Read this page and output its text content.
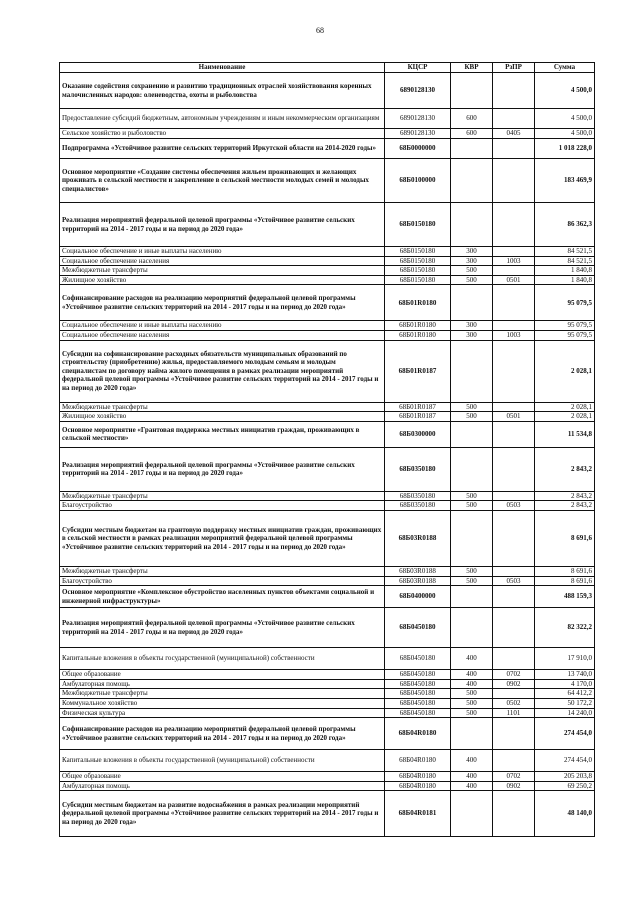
68
Наименование	КЦСР	КВР	РзПР	Сумма
Оказание содействия сохранению и развитию традиционных отраслей хозяйствования коренных малочисленных народов: оленеводства, охоты и рыболовства	6890128130			4 500,0
Предоставление субсидий бюджетным, автономным учреждениям и иным некоммерческим организациям	6890128130	600		4 500,0
Сельское хозяйство и рыболовство	6890128130	600	0405	4 500,0
Подпрограмма «Устойчивое развитие сельских территорий Иркутской области на 2014-2020 годы»	68Б0000000			1 018 228,0
Основное мероприятие «Создание системы обеспечения жильем проживающих и желающих проживать в сельской местности и закрепление в сельской местности молодых семей и молодых специалистов»	68Б0100000			183 469,9
Реализация мероприятий федеральной целевой программы «Устойчивое развитие сельских территорий на 2014 - 2017 годы и на период до 2020 года»	68Б0150180			86 362,3
Социальное обеспечение и иные выплаты населению	68Б0150180	300		84 521,5
Социальное обеспечение населения	68Б0150180	300	1003	84 521,5
Межбюджетные трансферты	68Б0150180	500		1 840,8
Жилищное хозяйство	68Б0150180	500	0501	1 840,8
Софинансирование расходов на реализацию мероприятий федеральной целевой программы «Устойчивое развитие сельских территорий на 2014 - 2017 годы и на период до 2020 года»	68Б01R0180			95 079,5
Социальное обеспечение и иные выплаты населению	68Б01R0180	300		95 079,5
Социальное обеспечение населения	68Б01R0180	300	1003	95 079,5
Субсидии на софинансирование расходных обязательств муниципальных образований по строительству (приобретению) жилья, предоставляемого молодым семьям и молодым специалистам по договору найма жилого помещения в рамках реализации мероприятий федеральной целевой программы «Устойчивое развитие сельских территорий на 2014 - 2017 годы и на период до 2020 года»	68Б01R0187			2 028,1
Межбюджетные трансферты	68Б01R0187	500		2 028,1
Жилищное хозяйство	68Б01R0187	500	0501	2 028,1
Основное мероприятие «Грантовая поддержка местных инициатив граждан, проживающих в сельской местности»	68Б0300000			11 534,8
Реализация мероприятий федеральной целевой программы «Устойчивое развитие сельских территорий на 2014 - 2017 годы и на период до 2020 года»	68Б0350180			2 843,2
Межбюджетные трансферты	68Б0350180	500		2 843,2
Благоустройство	68Б0350180	500	0503	2 843,2
Субсидии местным бюджетам на грантовую поддержку местных инициатив граждан, проживающих в сельской местности в рамках реализации мероприятий федеральной целевой программы «Устойчивое развитие сельских территорий на 2014 - 2017 годы и на период до 2020 года»	68Б03R0188			8 691,6
Межбюджетные трансферты	68Б03R0188	500		8 691,6
Благоустройство	68Б03R0188	500	0503	8 691,6
Основное мероприятие «Комплексное обустройство населенных пунктов объектами социальной и инженерной инфраструктуры»	68Б0400000			488 159,3
Реализация мероприятий федеральной целевой программы «Устойчивое развитие сельских территорий на 2014 - 2017 годы и на период до 2020 года»	68Б0450180			82 322,2
Капитальные вложения в объекты государственной (муниципальной) собственности	68Б0450180	400		17 910,0
Общее образование	68Б0450180	400	0702	13 740,0
Амбулаторная помощь	68Б0450180	400	0902	4 170,0
Межбюджетные трансферты	68Б0450180	500		64 412,2
Коммунальное хозяйство	68Б0450180	500	0502	50 172,2
Физическая культура	68Б0450180	500	1101	14 240,0
Софинансирование расходов на реализацию мероприятий федеральной целевой программы «Устойчивое развитие сельских территорий на 2014 - 2017 годы и на период до 2020 года»	68Б04R0180			274 454,0
Капитальные вложения в объекты государственной (муниципальной) собственности	68Б04R0180	400		274 454,0
Общее образование	68Б04R0180	400	0702	205 203,8
Амбулаторная помощь	68Б04R0180	400	0902	69 250,2
Субсидии местным бюджетам на развитие водоснабжения в рамках реализации мероприятий федеральной целевой программы «Устойчивое развитие сельских территорий на 2014 - 2017 годы и на период до 2020 года»	68Б04R0181			48 140,0
